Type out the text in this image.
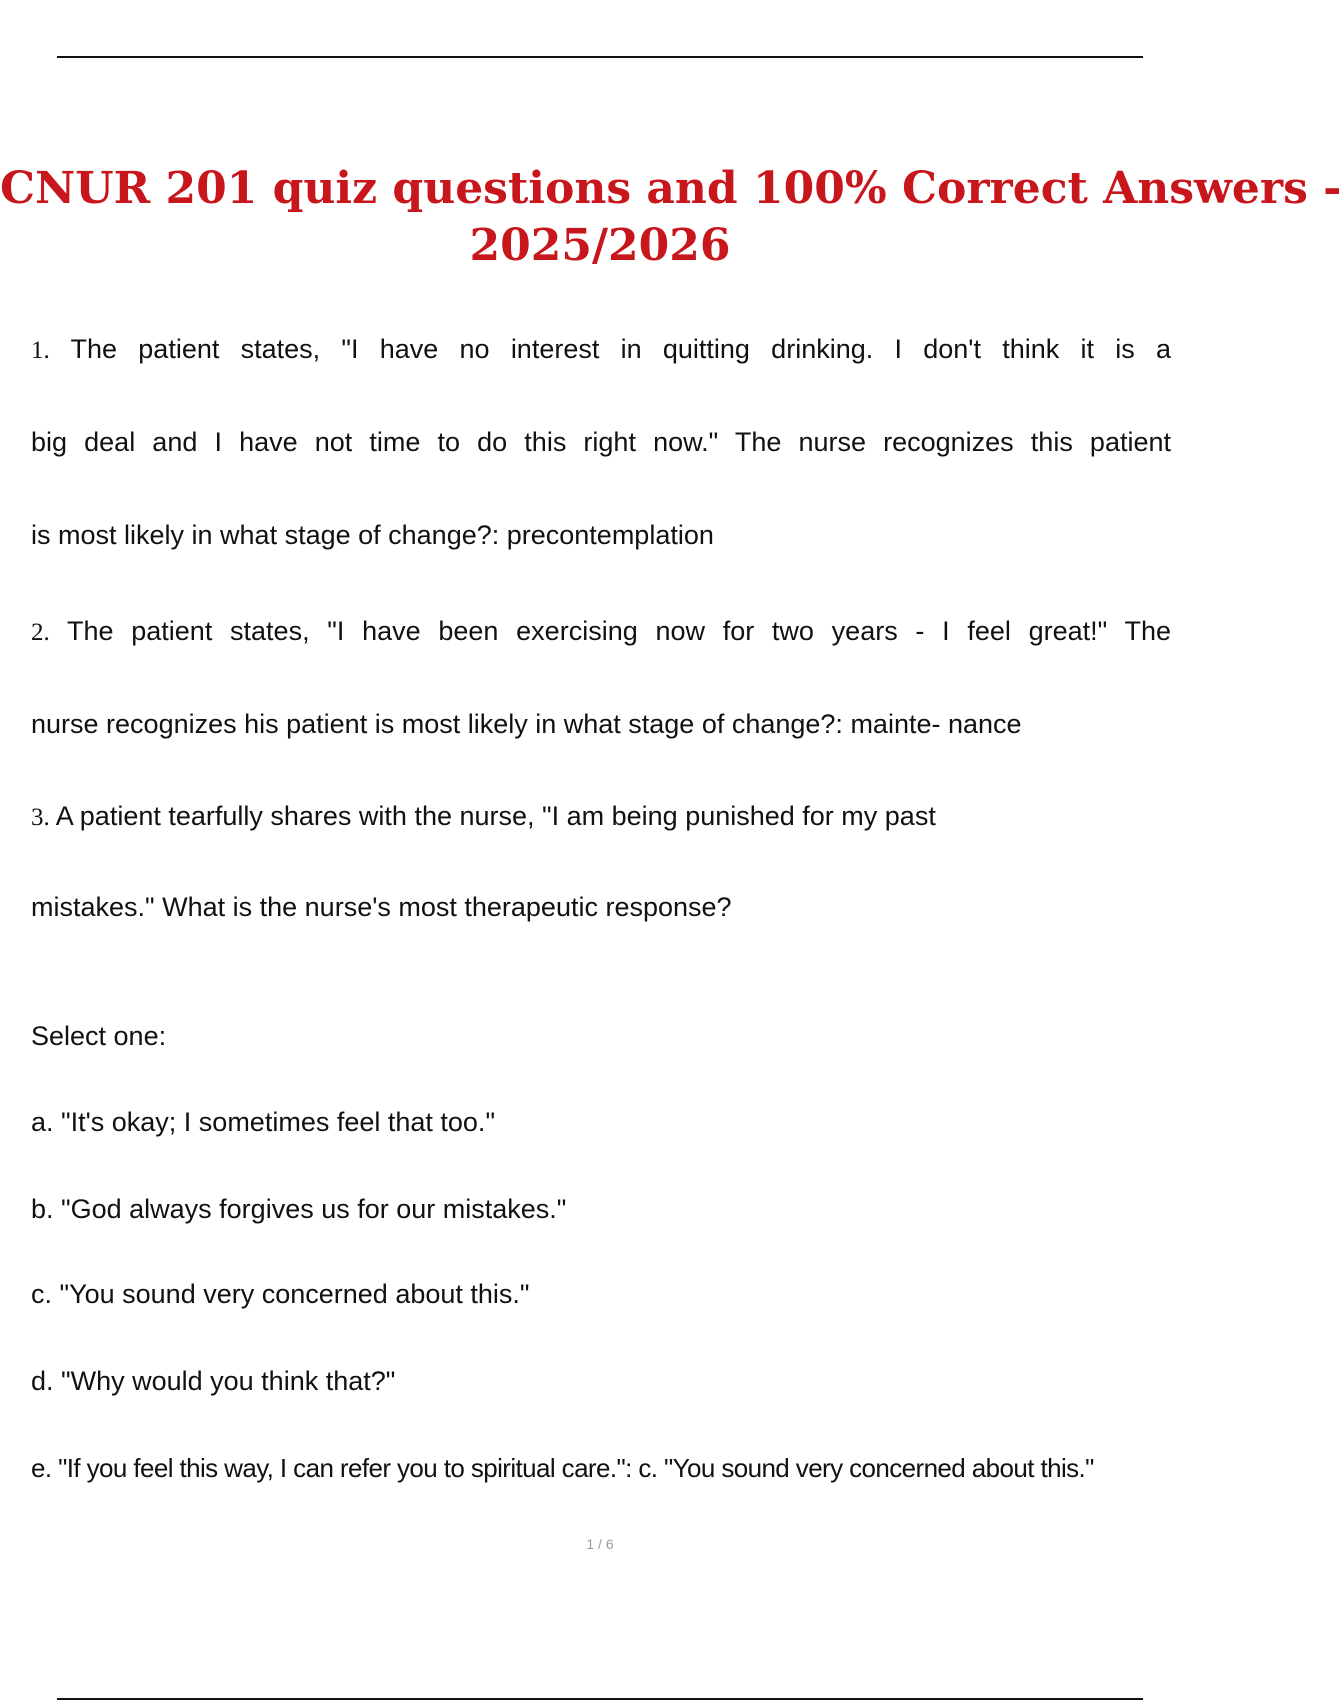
CNUR 201 quiz questions and 100% Correct Answers -
2025/2026
1. The patient states, "I have no interest in quitting drinking. I don't think it is a
big deal and I have not time to do this right now." The nurse recognizes this patient
is most likely in what stage of change?: precontemplation
2. The patient states, "I have been exercising now for two years - I feel great!" The
nurse recognizes his patient is most likely in what stage of change?: mainte- nance
3. A patient tearfully shares with the nurse, "I am being punished for my past
mistakes." What is the nurse's most therapeutic response?
Select one:
a. "It's okay; I sometimes feel that too."
b. "God always forgives us for our mistakes."
c. "You sound very concerned about this."
d. "Why would you think that?"
e. "If you feel this way, I can refer you to spiritual care.": c. "You sound very concerned about this."
1 / 6
